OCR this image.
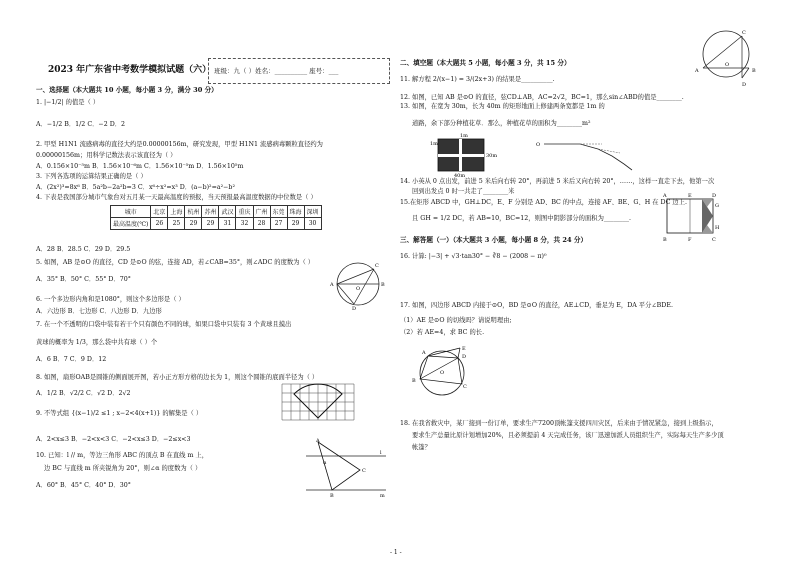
2023 年广东省中考数学模拟试题（六） 班级：九（ ）姓名：__________ 座号：___
一、选择题（本大题共 10 小题，每小题 3 分，满分 30 分）
1. |−1/2| 的值是（ ）
A．−1/2 B．1/2 C．−2 D．2
2. 甲型 H1N1 流感病毒的直径大约是0.00000156m，研究发现，甲型 H1N1 流感病毒颗粒直径约为
0.00000156m；用科学记数法表示该直径为（ ）
A．0.156×10⁻⁵m B．1.56×10⁻⁶m C．1.56×10⁻⁵m D．1.56×10⁵m
3. 下列各选项的运算结果正确的是（ ）
A．(2x²)³=8x⁶ B．5a²b−2a²b=3 C．x⁶÷x²=x³ D．(a−b)²=a²−b²
4. 下表是我国部分城市气象台对五月某一天最高温度的预报，当天预报最高温度数据的中位数是（ ）
城市	北京	上海	杭州	苏州	武汉	重庆	广州	东莞	珠海	深圳
最高温度(℃)	26	25	29	29	31	32	28	27	29	30
A．28 B．28.5 C．29 D．29.5
5. 如图，AB 是⊙O 的直径，CD 是⊙O 的弦，连接 AD，若∠CAB=35°，则∠ADC 的度数为（ ）
A．35° B．50° C．55° D．70°
C
A	B
O
D
6. 一个多边形内角和是1080°，则这个多边形是（ ）
A．六边形 B．七边形 C．八边形 D．九边形
7. 在一个不透明的口袋中装有若干个只有颜色不同的球，如果口袋中只装有 3 个黄球且摸出
黄球的概率为 1/3，那么袋中共有球（ ）个
A．6 B．7 C．9 D．12
8. 如图，扇形OAB是圆锥的侧面展开图，若小正方形方格的边长为 1，则这个圆锥的底面半径为（ ）
A．1/2 B．√2/2 C．√2 D．2√2
9. 不等式组 {(x−1)/2 ≤1 ; x−2<4(x+1)} 的解集是（ ）
A．2<x≤3 B．−2<x<3 C．−2<x≤3 D．−2≤x<3
10. 已知：l // m，等边三角形 ABC 的顶点 B 在直线 m 上，
边 BC 与直线 m 所夹锐角为 20°，则∠α 的度数为（ ）
A．60° B．45° C．40° D．30°
A
α
C
B
l
m
二、填空题（本大题共 5 小题，每小题 3 分，共 15 分）
11. 解方程 2/(x−1) = 3/(2x+3) 的结果是__________.
12. 如图，已知 AB 是⊙O 的直径，弦CD⊥AB，AC=2√2，BC=1，那么sin∠ABD的值是________.
C
A
O
B
D
13. 如图，在宽为 30m，长为 40m 的矩形地面上修建两条宽都是 1m 的
道路，余下部分种植花草．那么，种植花草的面积为________m²
1m
30m
1m
40m
O
14. 小英从 0 点出发，前进 5 米后向右转 20°，再前进 5 米后又向右转 20°，……，这样一直走下去，他第一次
回到出发点 0 时一共走了________米
15.在矩形 ABCD 中，GH⊥DC，E、F 分别是 AD、BC 的中点，连接 AF、BE、G、H 在 DC 边上.
且 GH = 1/2 DC，若 AB=10，BC=12，则图中阴影部分的面积为________.
A	E	D
B	F	C
G
H
三、解答题（一）（本大题共 3 小题，每小题 8 分，共 24 分）
16. 计算: |−3| + √3·tan30° − ∛8 − (2008 − π)⁰
17. 如图，四边形 ABCD 内接于⊙O，BD 是⊙O 的直径，AE⊥CD，垂足为 E，DA 平分∠BDE.
（1）AE 是⊙O 的切线吗？请说明理由;
（2）若 AE=4，求 BC 的长.
A
E
B
O
D
C
18. 在我省救灾中，某厂接到一份订单，要求生产7200顶帐篷支援四川灾区，后来由于情况紧急，接到上级指示，
要求生产总量比原计划增加20%，且必须提前 4 天完成任务，该厂迅速加派人员组织生产，实际每天生产多少顶
帐篷？
- 1 -
